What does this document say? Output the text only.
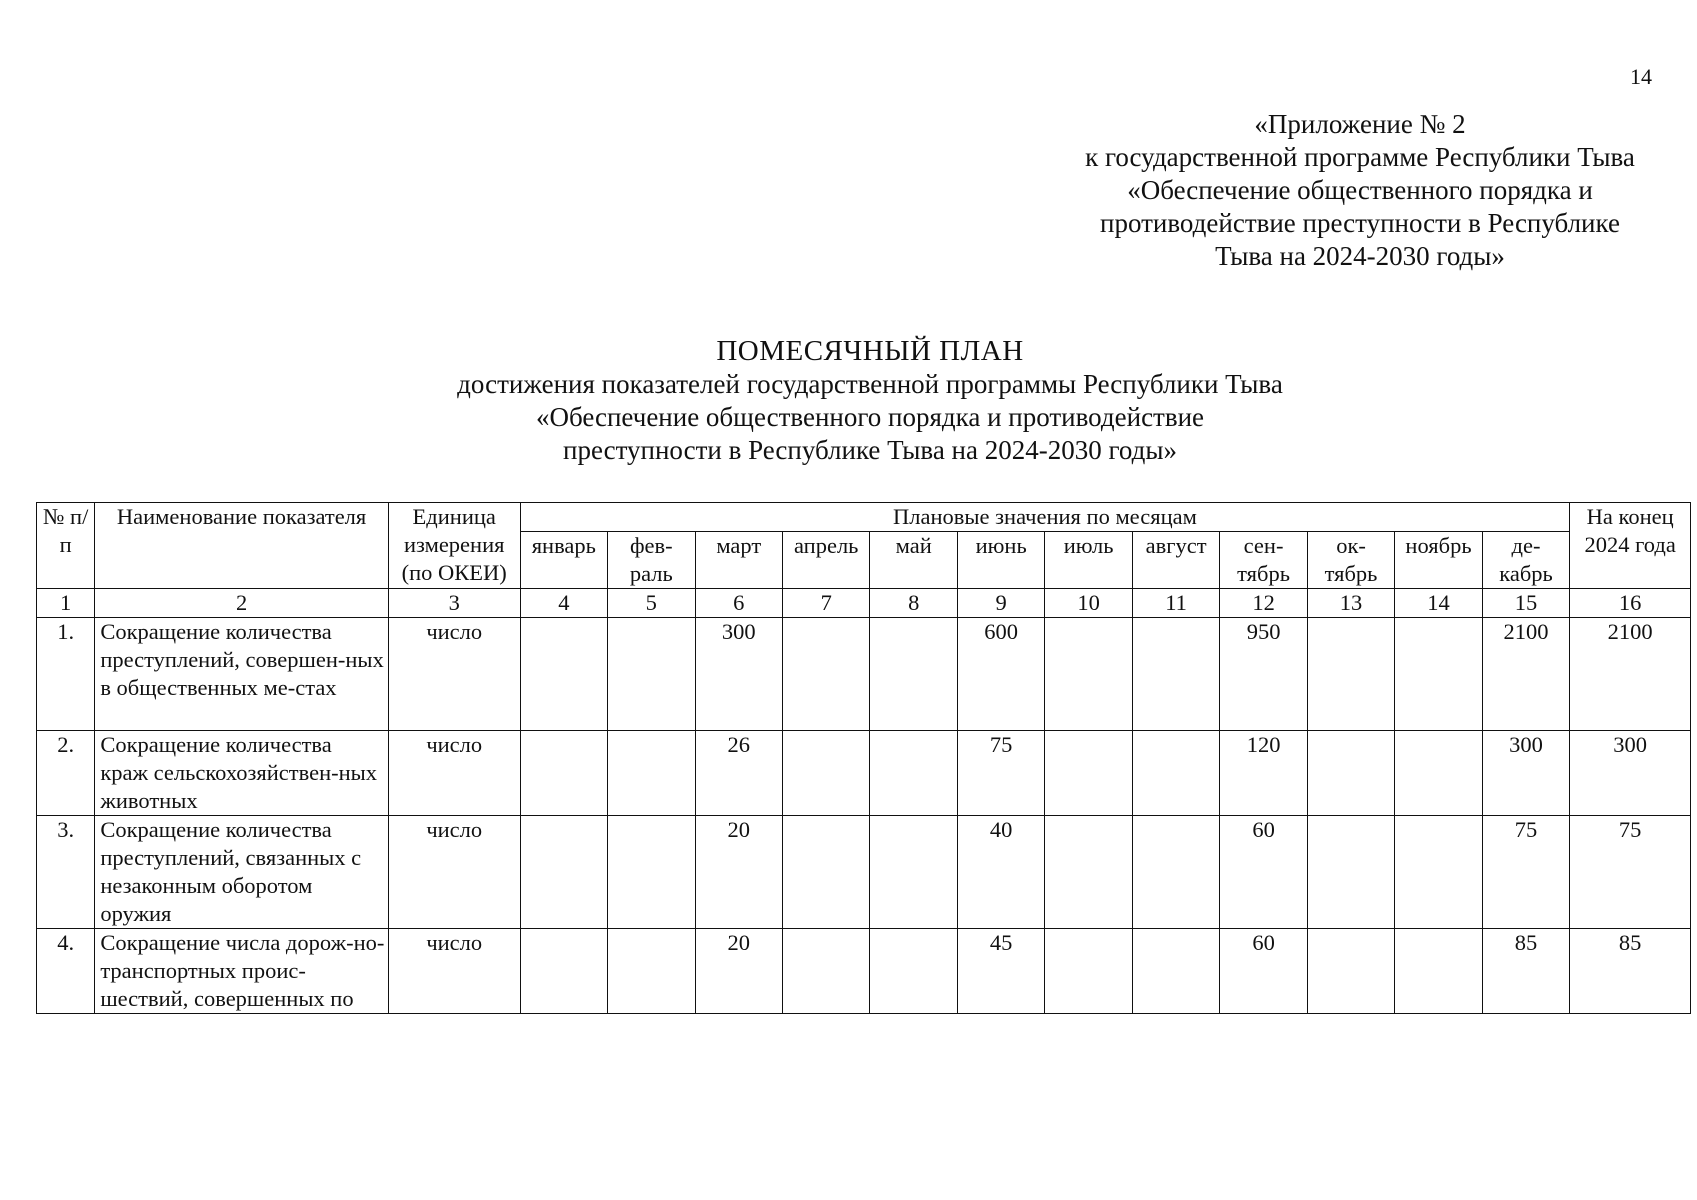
14
«Приложение № 2
к государственной программе Республики Тыва
«Обеспечение общественного порядка и
противодействие преступности в Республике
Тыва на 2024-2030 годы»
ПОМЕСЯЧНЫЙ ПЛАН
достижения показателей государственной программы Республики Тыва
«Обеспечение общественного порядка и противодействие
преступности в Республике Тыва на 2024-2030 годы»
№ п/п	Наименование показателя	Единица измерения (по ОКЕИ)	Плановые значения по месяцам												На конец 2024 года
			январь	фев-раль	март	апрель	май	июнь	июль	август	сен-тябрь	ок-тябрь	ноябрь	де-кабрь	
1	2	3	4	5	6	7	8	9	10	11	12	13	14	15	16
1.	Сокращение количества преступлений, совершен-ных в общественных ме-стах	число			300			600			950			2100	2100
2.	Сокращение количества краж сельскохозяйствен-ных животных	число			26			75			120			300	300
3.	Сокращение количества преступлений, связанных с незаконным оборотом оружия	число			20			40			60			75	75
4.	Сокращение числа дорож-но-транспортных проис-шествий, совершенных по	число			20			45			60			85	85
